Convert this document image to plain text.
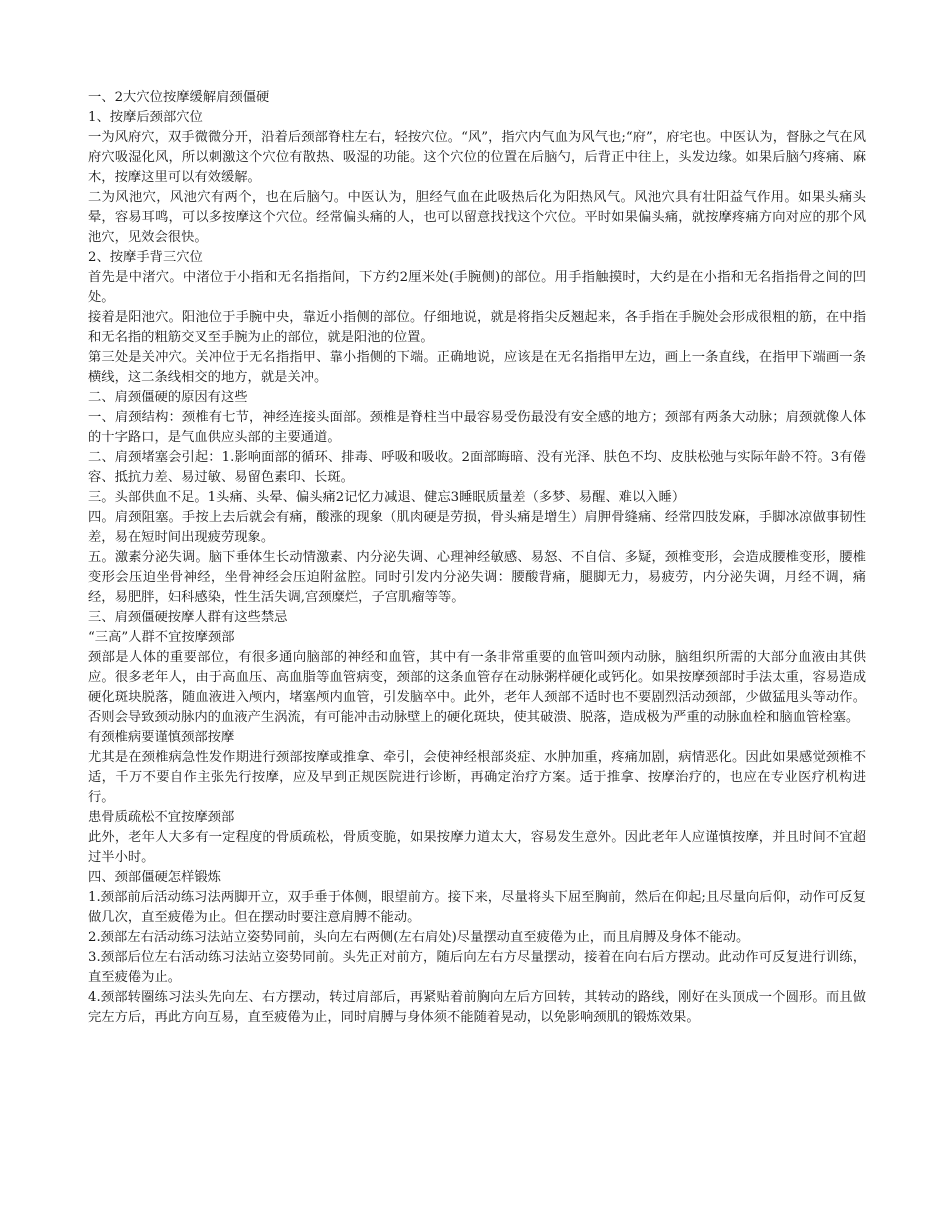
一、2大穴位按摩缓解肩颈僵硬

1、按摩后颈部穴位

一为风府穴，双手微微分开，沿着后颈部脊柱左右，轻按穴位。“风”，指穴内气血为风气也;“府”，府宅也。中医认为，督脉之气在风府穴吸湿化风，所以刺激这个穴位有散热、吸湿的功能。这个穴位的位置在后脑勺，后背正中往上，头发边缘。如果后脑勺疼痛、麻木，按摩这里可以有效缓解。

二为风池穴，风池穴有两个，也在后脑勺。中医认为，胆经气血在此吸热后化为阳热风气。风池穴具有壮阳益气作用。如果头痛头晕，容易耳鸣，可以多按摩这个穴位。经常偏头痛的人，也可以留意找找这个穴位。平时如果偏头痛，就按摩疼痛方向对应的那个风池穴，见效会很快。

2、按摩手背三穴位

首先是中渚穴。中渚位于小指和无名指指间，下方约2厘米处(手腕侧)的部位。用手指触摸时，大约是在小指和无名指指骨之间的凹处。

接着是阳池穴。阳池位于手腕中央，靠近小指侧的部位。仔细地说，就是将指尖反翘起来，各手指在手腕处会形成很粗的筋，在中指和无名指的粗筋交叉至手腕为止的部位，就是阳池的位置。

第三处是关冲穴。关冲位于无名指指甲、靠小指侧的下端。正确地说，应该是在无名指指甲左边，画上一条直线，在指甲下端画一条横线，这二条线相交的地方，就是关冲。

二、肩颈僵硬的原因有这些

一、肩颈结构：颈椎有七节，神经连接头面部。颈椎是脊柱当中最容易受伤最没有安全感的地方；颈部有两条大动脉；肩颈就像人体的十字路口，是气血供应头部的主要通道。

二、肩颈堵塞会引起：1.影响面部的循环、排毒、呼吸和吸收。2面部晦暗、没有光泽、肤色不均、皮肤松弛与实际年龄不符。3有倦容、抵抗力差、易过敏、易留色素印、长斑。

三。头部供血不足。1头痛、头晕、偏头痛2记忆力减退、健忘3睡眠质量差（多梦、易醒、难以入睡）

四。肩颈阻塞。手按上去后就会有痛，酸涨的现象（肌肉硬是劳损，骨头痛是增生）肩胛骨缝痛、经常四肢发麻，手脚冰凉做事韧性差，易在短时间出现疲劳现象。

五。激素分泌失调。脑下垂体生长动情激素、内分泌失调、心理神经敏感、易怒、不自信、多疑，颈椎变形，会造成腰椎变形，腰椎变形会压迫坐骨神经，坐骨神经会压迫附盆腔。同时引发内分泌失调：腰酸背痛，腿脚无力，易疲劳，内分泌失调，月经不调，痛经，易肥胖，妇科感染，性生活失调,宫颈糜烂，子宫肌瘤等等。

三、肩颈僵硬按摩人群有这些禁忌

“三高”人群不宜按摩颈部

颈部是人体的重要部位，有很多通向脑部的神经和血管，其中有一条非常重要的血管叫颈内动脉，脑组织所需的大部分血液由其供应。很多老年人，由于高血压、高血脂等血管病变，颈部的这条血管存在动脉粥样硬化或钙化。如果按摩颈部时手法太重，容易造成硬化斑块脱落，随血液进入颅内，堵塞颅内血管，引发脑卒中。此外，老年人颈部不适时也不要剧烈活动颈部，少做猛甩头等动作。否则会导致颈动脉内的血液产生涡流，有可能冲击动脉壁上的硬化斑块，使其破溃、脱落，造成极为严重的动脉血栓和脑血管栓塞。

有颈椎病要谨慎颈部按摩

尤其是在颈椎病急性发作期进行颈部按摩或推拿、牵引，会使神经根部炎症、水肿加重，疼痛加剧，病情恶化。因此如果感觉颈椎不适，千万不要自作主张先行按摩，应及早到正规医院进行诊断，再确定治疗方案。适于推拿、按摩治疗的，也应在专业医疗机构进行。

患骨质疏松不宜按摩颈部

此外，老年人大多有一定程度的骨质疏松，骨质变脆，如果按摩力道太大，容易发生意外。因此老年人应谨慎按摩，并且时间不宜超过半小时。

四、颈部僵硬怎样锻炼

1.颈部前后活动练习法两脚开立，双手垂于体侧，眼望前方。接下来，尽量将头下屈至胸前，然后在仰起;且尽量向后仰，动作可反复做几次，直至疲倦为止。但在摆动时要注意肩膊不能动。

2.颈部左右活动练习法站立姿势同前，头向左右两侧(左右肩处)尽量摆动直至疲倦为止，而且肩膊及身体不能动。

3.颈部后位左右活动练习法站立姿势同前。头先正对前方，随后向左右方尽量摆动，接着在向右后方摆动。此动作可反复进行训练，直至疲倦为止。

4.颈部转圈练习法头先向左、右方摆动，转过肩部后，再紧贴着前胸向左后方回转，其转动的路线，刚好在头顶成一个圆形。而且做完左方后，再此方向互易，直至疲倦为止，同时肩膊与身体须不能随着晃动，以免影响颈肌的锻炼效果。
